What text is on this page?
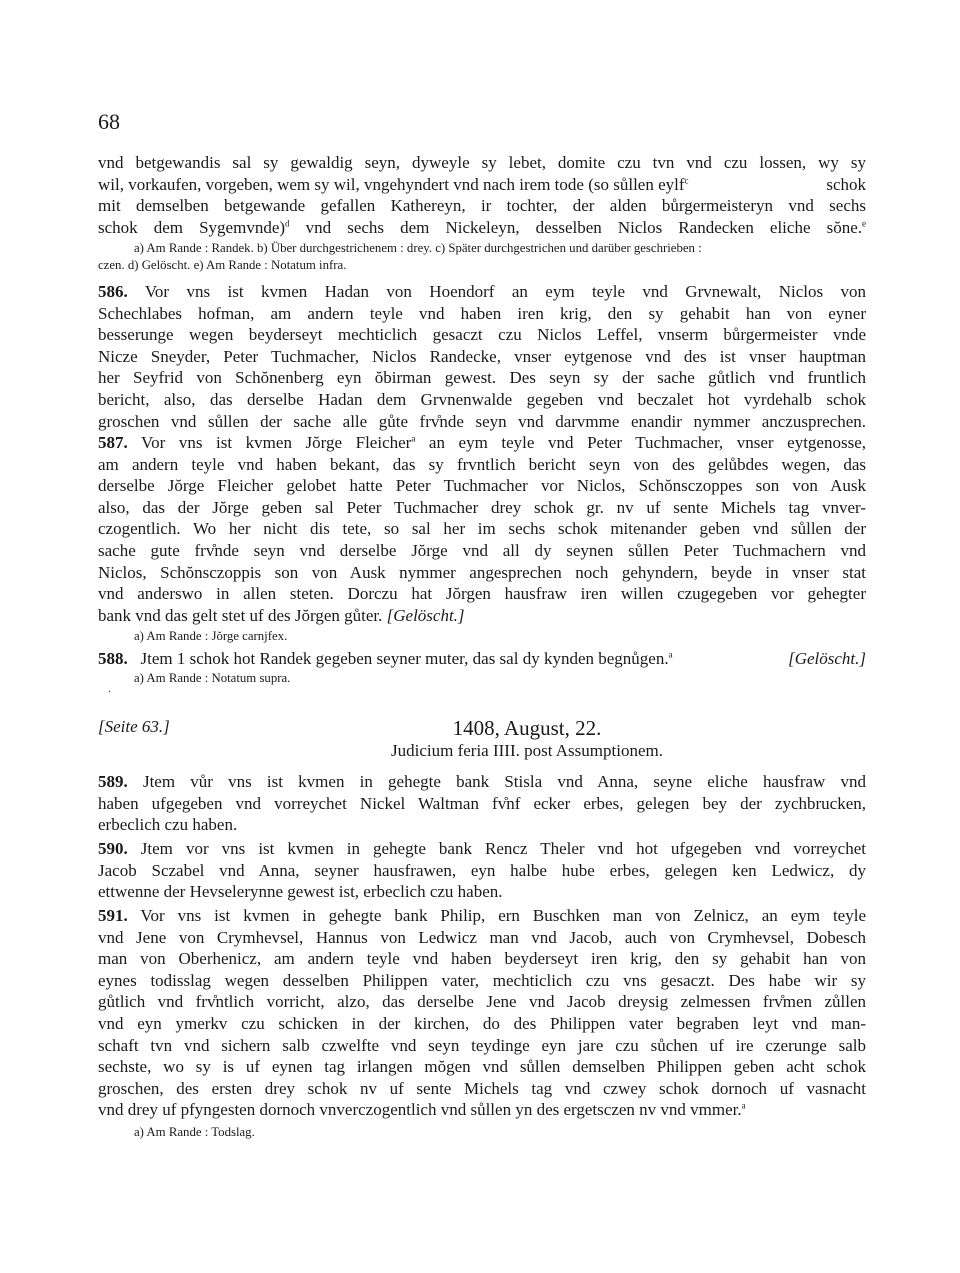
68
vnd betgewandis sal sy gewaldig seyn, dyweyle sy lebet, domite czu tvn vnd czu lossen, wy sy
wil, vorkaufen, vorgeben, wem sy wil, vngehyndert vnd nach irem tode (so sůllen eylf$^c$ schok
mit demselben betgewande gefallen Kathereyn, ir tochter, der alden bůrgermeisteryn vnd sechs
schok dem Sygemvnde)$^d$ vnd sechs dem Nickeleyn, desselben Niclos Randecken eliche sŏne.$^e$
a) Am Rande : Randek. b) Über durchgestrichenem : drey. c) Später durchgestrichen und darüber geschrieben :
czen. d) Gelöscht. e) Am Rande : Notatum infra.
586. Vor vns ist kvmen Hadan von Hoendorf an eym teyle vnd Grvnewalt, Niclos von
Schechlabes hofman, am andern teyle vnd haben iren krig, den sy gehabit han von eyner
besserunge wegen beyderseyt mechticlich gesaczt czu Niclos Leffel, vnserm bůrgermeister vnde
Nicze Sneyder, Peter Tuchmacher, Niclos Randecke, vnser eytgenose vnd des ist vnser hauptman
her Seyfrid von Schŏnenberg eyn ŏbirman gewest. Des seyn sy der sache gůtlich vnd fruntlich
bericht, also, das derselbe Hadan dem Grvnenwalde gegeben vnd beczalet hot vyrdehalb schok
groschen vnd sůllen der sache alle gůte frv̊nde seyn vnd darvmme enandir nymmer anczusprechen.
587. Vor vns ist kvmen Jŏrge Fleicher$^a$ an eym teyle vnd Peter Tuchmacher, vnser eytgenosse,
am andern teyle vnd haben bekant, das sy frvntlich bericht seyn von des gelůbdes wegen, das
derselbe Jŏrge Fleicher gelobet hatte Peter Tuchmacher vor Niclos, Schŏnsczoppes son von Ausk
also, das der Jŏrge geben sal Peter Tuchmacher drey schok gr. nv uf sente Michels tag vnver-
czogentlich. Wo her nicht dis tete, so sal her im sechs schok mitenander geben vnd sůllen der
sache gute frv̊nde seyn vnd derselbe Jŏrge vnd all dy seynen sůllen Peter Tuchmachern vnd
Niclos, Schŏnsczoppis son von Ausk nymmer angesprechen noch gehyndern, beyde in vnser stat
vnd anderswo in allen steten. Dorczu hat Jŏrgen hausfraw iren willen czugegeben vor gehegter
bank vnd das gelt stet uf des Jŏrgen gůter. [Gelöscht.]
a) Am Rande : Jŏrge carnjfex.
588. Jtem 1 schok hot Randek gegeben seyner muter, das sal dy kynden begnůgen.$^a$	[Gelöscht.]
a) Am Rande : Notatum supra.
·
[Seite 63.]	1408, August, 22.
Judicium feria IIII. post Assumptionem.
589. Jtem vůr vns ist kvmen in gehegte bank Stisla vnd Anna, seyne eliche hausfraw vnd
haben ufgegeben vnd vorreychet Nickel Waltman fv̊nf ecker erbes, gelegen bey der zychbrucken,
erbeclich czu haben.
590. Jtem vor vns ist kvmen in gehegte bank Rencz Theler vnd hot ufgegeben vnd vorreychet
Jacob Sczabel vnd Anna, seyner hausfrawen, eyn halbe hube erbes, gelegen ken Ledwicz, dy
ettwenne der Hevselerynne gewest ist, erbeclich czu haben.
591. Vor vns ist kvmen in gehegte bank Philip, ern Buschken man von Zelnicz, an eym teyle
vnd Jene von Crymhevsel, Hannus von Ledwicz man vnd Jacob, auch von Crymhevsel, Dobesch
man von Oberhenicz, am andern teyle vnd haben beyderseyt iren krig, den sy gehabit han von
eynes todisslag wegen desselben Philippen vater, mechticlich czu vns gesaczt. Des habe wir sy
gůtlich vnd frv̊ntlich vorricht, alzo, das derselbe Jene vnd Jacob dreysig zelmessen frv̊men zůllen
vnd eyn ymerkv czu schicken in der kirchen, do des Philippen vater begraben leyt vnd man-
schaft tvn vnd sichern salb czwelfte vnd seyn teydinge eyn jare czu sůchen uf ire czerunge salb
sechste, wo sy is uf eynen tag irlangen mŏgen vnd sůllen demselben Philippen geben acht schok
groschen, des ersten drey schok nv uf sente Michels tag vnd czwey schok dornoch uf vasnacht
vnd drey uf pfyngesten dornoch vnverczogentlich vnd sůllen yn des ergetsczen nv vnd vmmer.$^a$
a) Am Rande : Todslag.
